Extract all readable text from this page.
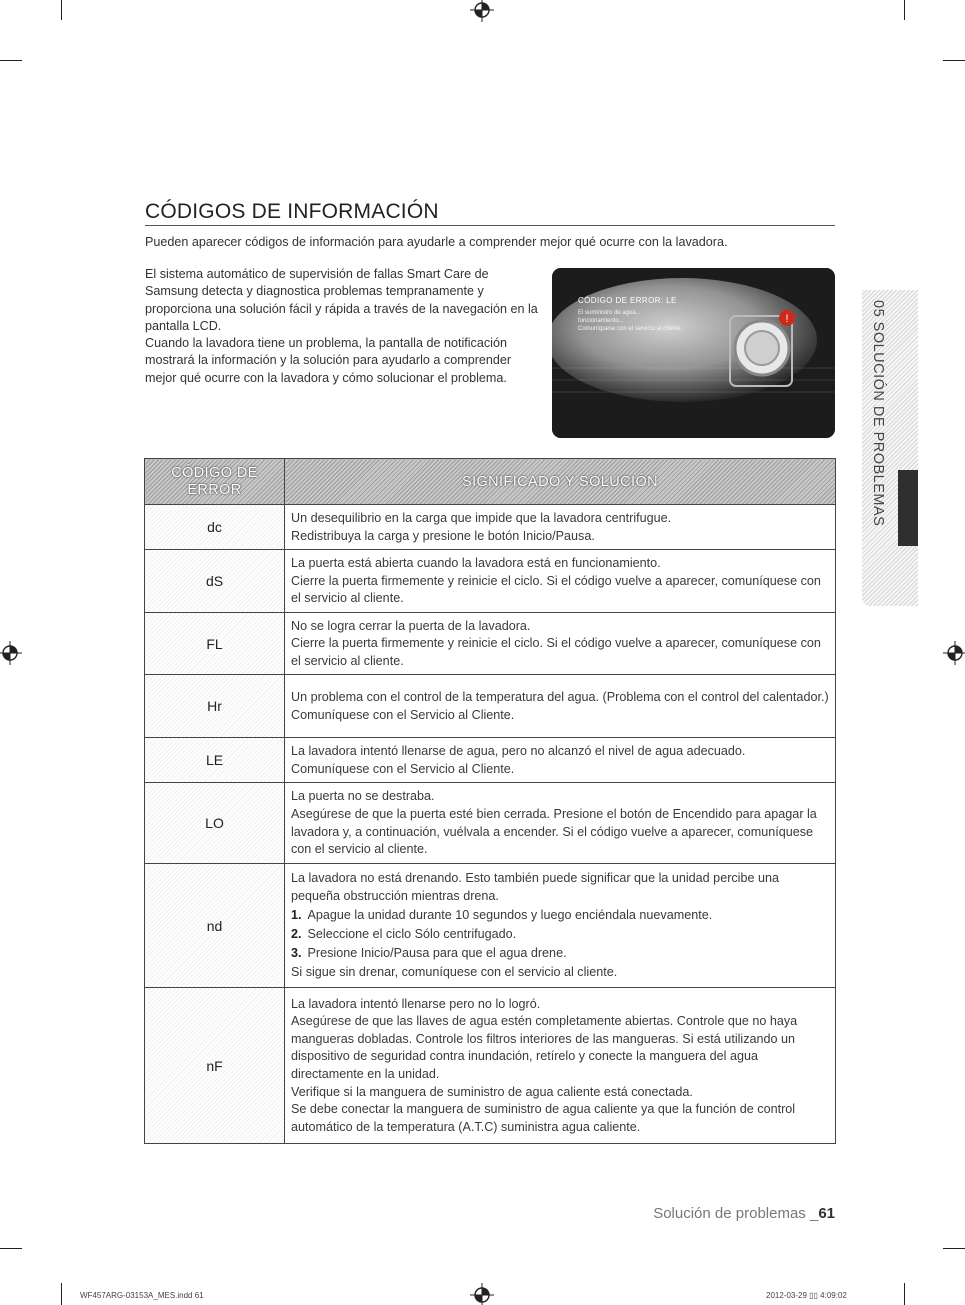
CÓDIGOS DE INFORMACIÓN
Pueden aparecer códigos de información para ayudarle a comprender mejor qué ocurre con la lavadora.

El sistema automático de supervisión de fallas Smart Care de Samsung detecta y diagnostica problemas tempranamente y proporciona una solución fácil y rápida a través de la navegación en la pantalla LCD.

Cuando la lavadora tiene un problema, la pantalla de notificación mostrará la información y la solución para ayudarlo a comprender mejor qué ocurre con la lavadora y cómo solucionar el problema.

!
CÓDIGO DE ERROR: LE
El suministro de agua...
funcionamiento...
Comuníquese con el servicio al cliente.	05 SOLUCIÓN DE PROBLEMAS
CÓDIGO DE
ERROR	SIGNIFICADO Y SOLUCIÓN
dc	Un desequilibrio en la carga que impide que la lavadora centrifugue.

Redistribuya la carga y presione le botón Inicio/Pausa.

dS	La puerta está abierta cuando la lavadora está en funcionamiento.

Cierre la puerta firmemente y reinicie el ciclo. Si el código vuelve a aparecer, comuníquese con el servicio al cliente.

FL	No se logra cerrar la puerta de la lavadora.

Cierre la puerta firmemente y reinicie el ciclo. Si el código vuelve a aparecer, comuníquese con el servicio al cliente.

Hr	Un problema con el control de la temperatura del agua. (Problema con el control del calentador.)

Comuníquese con el Servicio al Cliente.

LE	La lavadora intentó llenarse de agua, pero no alcanzó el nivel de agua adecuado.

Comuníquese con el Servicio al Cliente.

LO	La puerta no se destraba.

Asegúrese de que la puerta esté bien cerrada. Presione el botón de Encendido para apagar la lavadora y, a continuación, vuélvala a encender. Si el código vuelve a aparecer, comuníquese con el servicio al cliente.

nd	La lavadora no está drenando. Esto también puede significar que la unidad percibe una pequeña obstrucción mientras drena.

1. Apague la unidad durante 10 segundos y luego enciéndala nuevamente.

2. Seleccione el ciclo Sólo centrifugado.

3. Presione Inicio/Pausa para que el agua drene.

Si sigue sin drenar, comuníquese con el servicio al cliente.

nF	La lavadora intentó llenarse pero no lo logró.

Asegúrese de que las llaves de agua estén completamente abiertas. Controle que no haya mangueras dobladas. Controle los filtros interiores de las mangueras. Si está utilizando un dispositivo de seguridad contra inundación, retírelo y conecte la manguera del agua directamente en la unidad.

Verifique si la manguera de suministro de agua caliente está conectada.

Se debe conectar la manguera de suministro de agua caliente ya que la función de control automático de la temperatura (A.T.C) suministra agua caliente.

Solución de problemas _61
WF457ARG-03153A_MES.indd 61	2012-03-29 ▯▯ 4:09:02
